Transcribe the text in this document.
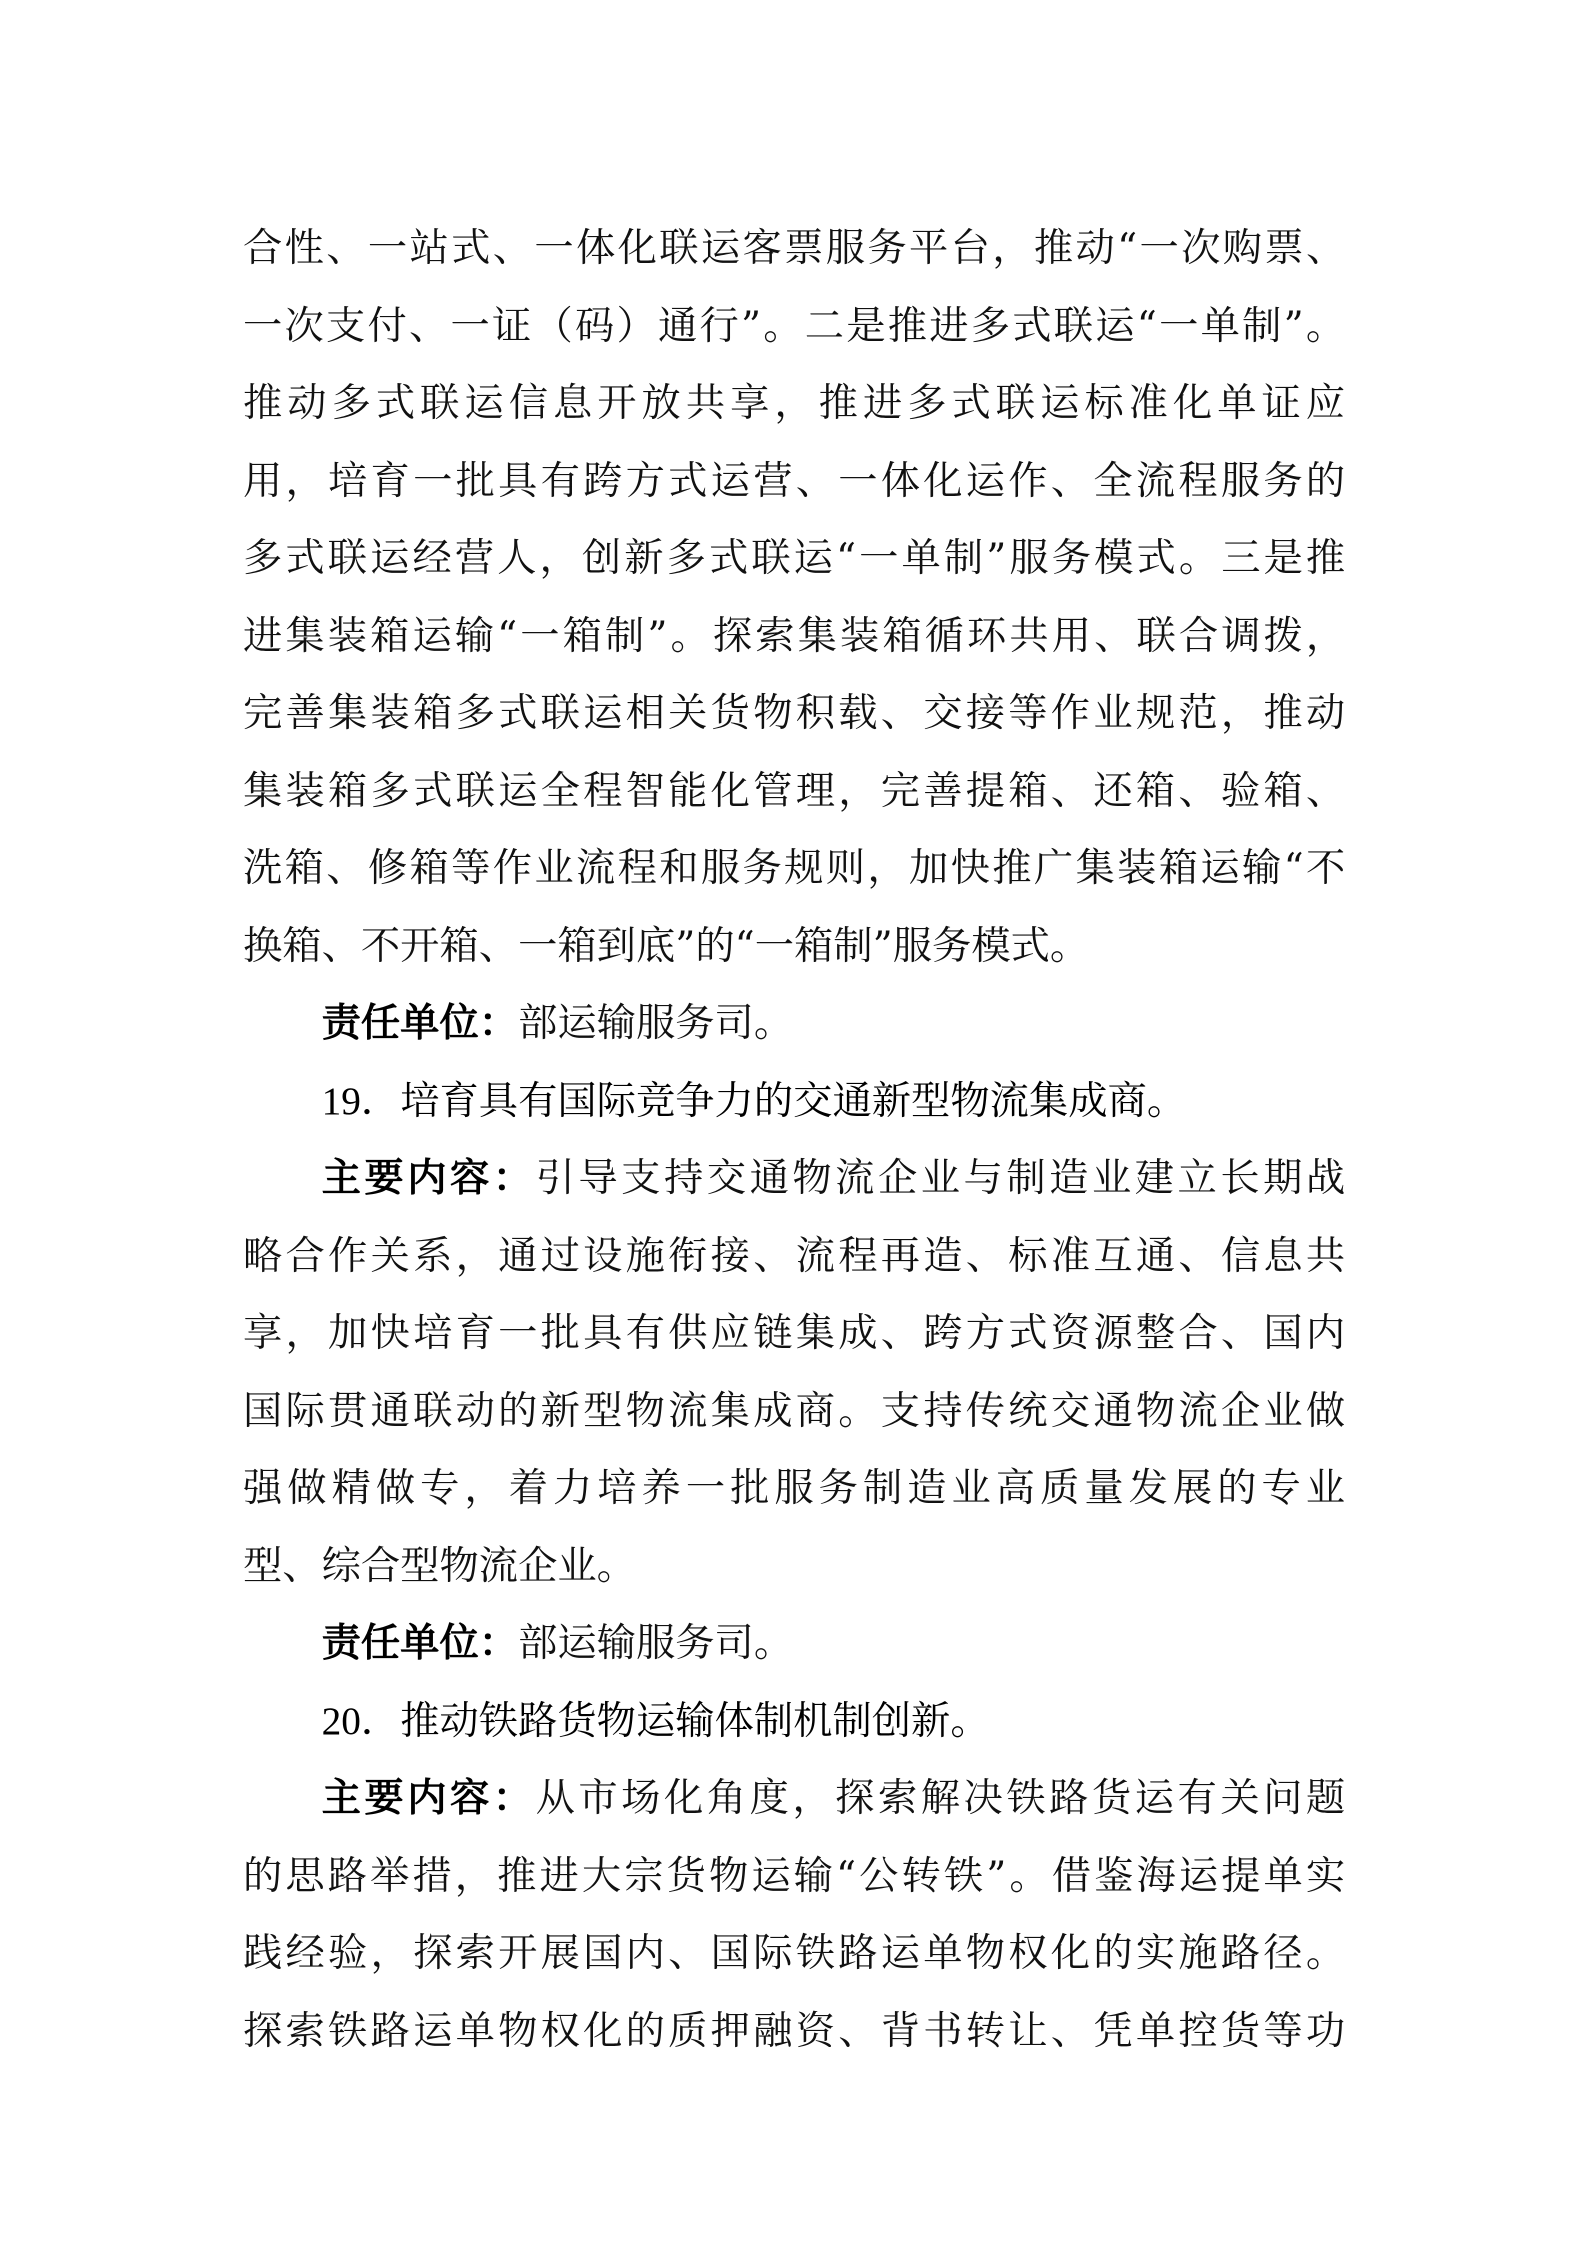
合性、一站式、一体化联运客票服务平台，推动“一次购票、
一次支付、一证（码）通行”。二是推进多式联运“一单制”。
推动多式联运信息开放共享，推进多式联运标准化单证应
用，培育一批具有跨方式运营、一体化运作、全流程服务的
多式联运经营人，创新多式联运“一单制”服务模式。三是推
进集装箱运输“一箱制”。探索集装箱循环共用、联合调拨，
完善集装箱多式联运相关货物积载、交接等作业规范，推动
集装箱多式联运全程智能化管理，完善提箱、还箱、验箱、
洗箱、修箱等作业流程和服务规则，加快推广集装箱运输“不
换箱、不开箱、一箱到底”的“一箱制”服务模式。
责任单位：部运输服务司。
19．培育具有国际竞争力的交通新型物流集成商。
主要内容：引导支持交通物流企业与制造业建立长期战
略合作关系，通过设施衔接、流程再造、标准互通、信息共
享，加快培育一批具有供应链集成、跨方式资源整合、国内
国际贯通联动的新型物流集成商。支持传统交通物流企业做
强做精做专，着力培养一批服务制造业高质量发展的专业
型、综合型物流企业。
责任单位：部运输服务司。
20．推动铁路货物运输体制机制创新。
主要内容：从市场化角度，探索解决铁路货运有关问题
的思路举措，推进大宗货物运输“公转铁”。借鉴海运提单实
践经验，探索开展国内、国际铁路运单物权化的实施路径。
探索铁路运单物权化的质押融资、背书转让、凭单控货等功
